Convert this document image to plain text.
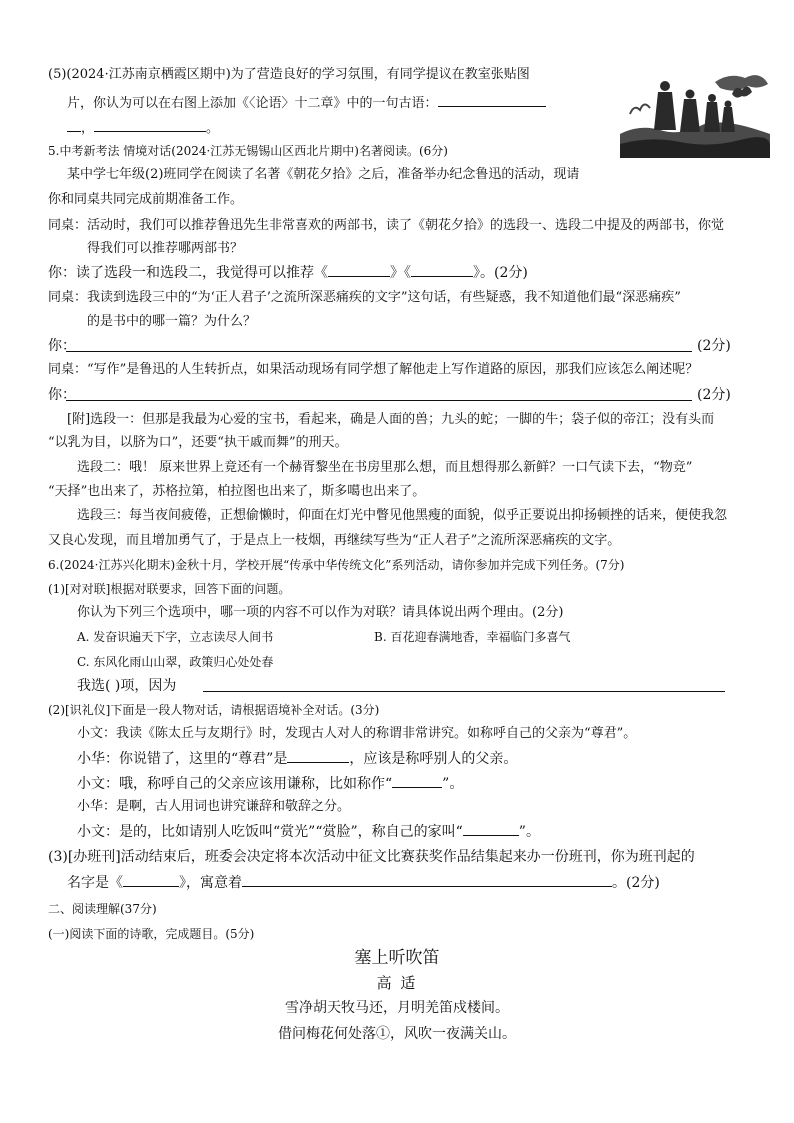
(5)(2024·江苏南京栖霞区期中)为了营造良好的学习氛围，有同学提议在教室张贴图
片，你认为可以在右图上添加《〈论语〉十二章》中的一句古语：
，	。
5.中考新考法 情境对话(2024·江苏无锡锡山区西北片期中)名著阅读。(6分)
某中学七年级(2)班同学在阅读了名著《朝花夕拾》之后，准备举办纪念鲁迅的活动，现请
你和同桌共同完成前期准备工作。
同桌：活动时，我们可以推荐鲁迅先生非常喜欢的两部书，读了《朝花夕拾》的选段一、选段二中提及的两部书，你觉
得我们可以推荐哪两部书？
你：读了选段一和选段二，我觉得可以推荐《	》《	》。(2分)
同桌：我读到选段三中的“为‘正人君子’之流所深恶痛疾的文字”这句话，有些疑惑，我不知道他们最“深恶痛疾”
的是书中的哪一篇？为什么？
你：	(2分)
同桌：“写作”是鲁迅的人生转折点，如果活动现场有同学想了解他走上写作道路的原因，那我们应该怎么阐述呢？
你：	(2分)
[附]选段一：但那是我最为心爱的宝书，看起来，确是人面的兽；九头的蛇；一脚的牛；袋子似的帝江；没有头而
“以乳为目，以脐为口”，还要“执干戚而舞”的刑天。
选段二：哦！ 原来世界上竟还有一个赫胥黎坐在书房里那么想，而且想得那么新鲜？一口气读下去，“物竞”
“天择”也出来了，苏格拉第，柏拉图也出来了，斯多噶也出来了。
选段三：每当夜间疲倦，正想偷懒时，仰面在灯光中瞥见他黑瘦的面貌，似乎正要说出抑扬顿挫的话来，便使我忽
又良心发现，而且增加勇气了，于是点上一枝烟，再继续写些为“正人君子”之流所深恶痛疾的文字。
6.(2024·江苏兴化期末)金秋十月，学校开展“传承中华传统文化”系列活动，请你参加并完成下列任务。(7分)
(1)[对对联]根据对联要求，回答下面的问题。
你认为下列三个选项中，哪一项的内容不可以作为对联？请具体说出两个理由。(2分)
A. 发奋识遍天下字，立志读尽人间书	B. 百花迎春满地香，幸福临门多喜气
C. 东风化雨山山翠，政策归心处处春
我选( )项，因为
(2)[识礼仪]下面是一段人物对话，请根据语境补全对话。(3分)
小文：我读《陈太丘与友期行》时，发现古人对人的称谓非常讲究。如称呼自己的父亲为“尊君”。
小华：你说错了，这里的“尊君”是	，应该是称呼别人的父亲。
小文：哦，称呼自己的父亲应该用谦称，比如称作“	”。
小华：是啊，古人用词也讲究谦辞和敬辞之分。
小文：是的，比如请别人吃饭叫“赏光”“赏脸”，称自己的家叫“	”。
(3)[办班刊]活动结束后，班委会决定将本次活动中征文比赛获奖作品结集起来办一份班刊，你为班刊起的
名字是《	》，寓意着	。(2分)
二、阅读理解(37分)
(一)阅读下面的诗歌，完成题目。(5分)
塞上听吹笛
高 适
雪净胡天牧马还，月明羌笛戍楼间。
借问梅花何处落①，风吹一夜满关山。
